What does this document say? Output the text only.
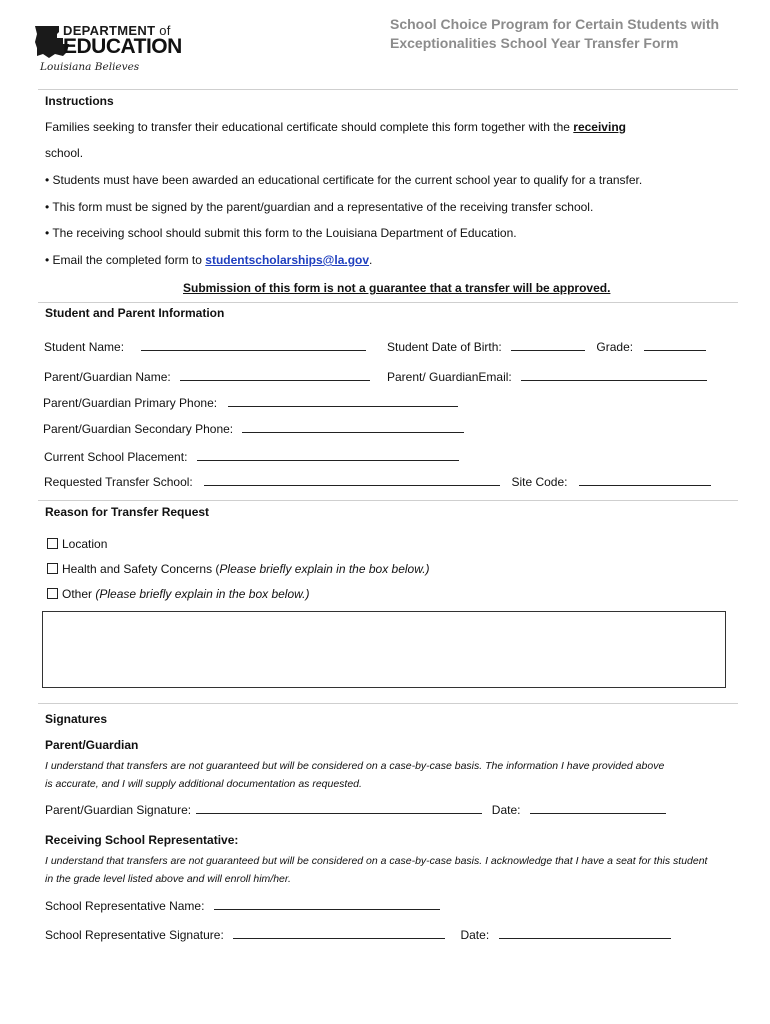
DEPARTMENT of
EDUCATION
Louisiana Believes
School Choice Program for Certain Students with Exceptionalities School Year Transfer Form
Instructions
Families seeking to transfer their educational certificate should complete this form together with the receiving
school.
• Students must have been awarded an educational certificate for the current school year to qualify for a transfer.
• This form must be signed by the parent/guardian and a representative of the receiving transfer school.
• The receiving school should submit this form to the Louisiana Department of Education.
• Email the completed form to studentscholarships@la.gov.
Submission of this form is not a guarantee that a transfer will be approved.
Student and Parent Information
Student Name:	Student Date of Birth:	Grade:
Parent/Guardian Name:	Parent/ GuardianEmail:
Parent/Guardian Primary Phone:
Parent/Guardian Secondary Phone:
Current School Placement:
Requested Transfer School:	Site Code:
Reason for Transfer Request
Location
Health and Safety Concerns (Please briefly explain in the box below.)
Other (Please briefly explain in the box below.)
Signatures
Parent/Guardian
I understand that transfers are not guaranteed but will be considered on a case-by-case basis. The information I have provided above is accurate, and I will supply additional documentation as requested.
Parent/Guardian Signature:	Date:
Receiving School Representative:
I understand that transfers are not guaranteed but will be considered on a case-by-case basis. I acknowledge that I have a seat for this student in the grade level listed above and will enroll him/her.
School Representative Name:
School Representative Signature:	Date:
